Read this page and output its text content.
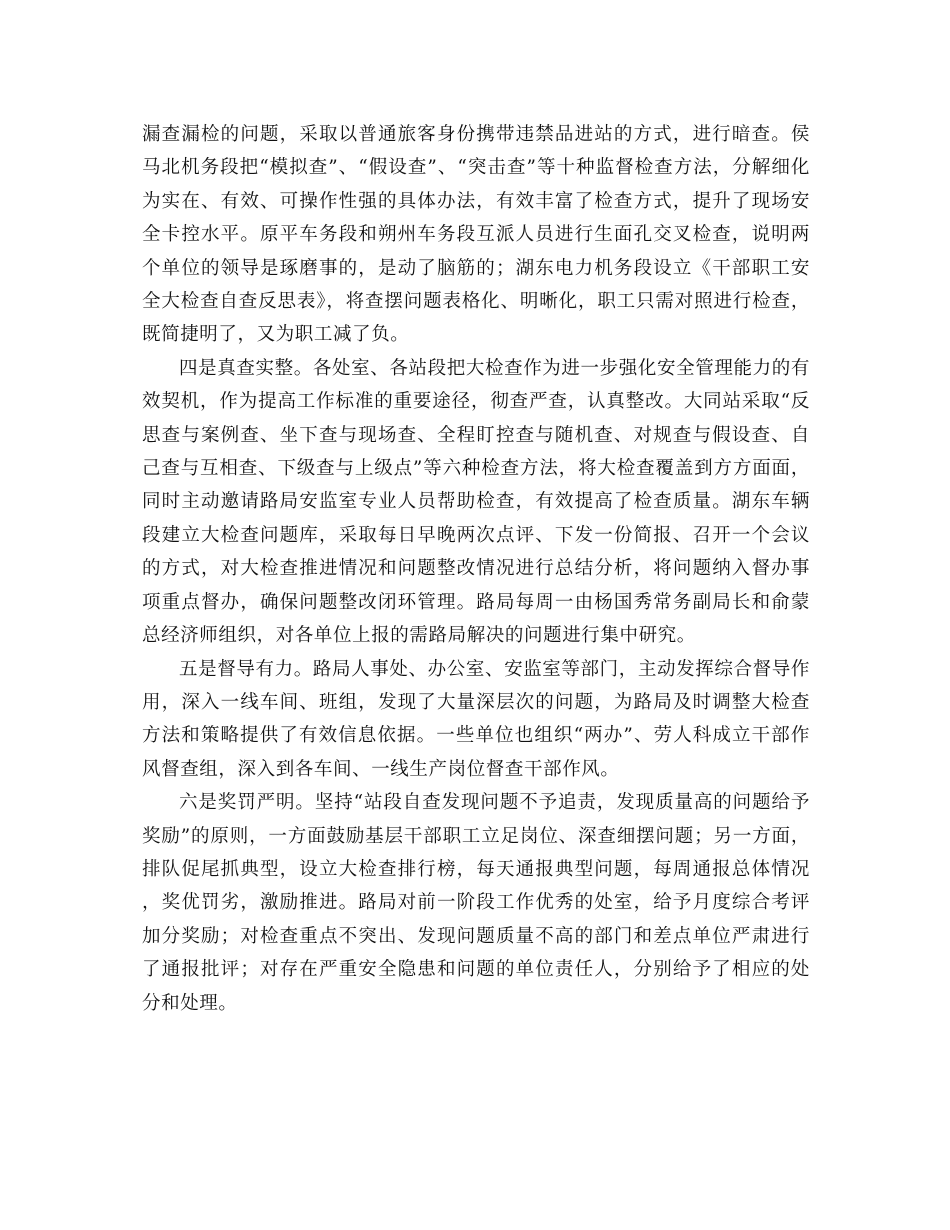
漏查漏检的问题，采取以普通旅客身份携带违禁品进站的方式，进行暗查。侯马北机务段把“模拟查”、“假设查”、“突击查”等十种监督检查方法，分解细化为实在、有效、可操作性强的具体办法，有效丰富了检查方式，提升了现场安全卡控水平。原平车务段和朔州车务段互派人员进行生面孔交叉检查，说明两个单位的领导是琢磨事的，是动了脑筋的；湖东电力机务段设立《干部职工安全大检查自查反思表》，将查摆问题表格化、明晰化，职工只需对照进行检查，既简捷明了，又为职工减了负。

四是真查实整。各处室、各站段把大检查作为进一步强化安全管理能力的有效契机，作为提高工作标准的重要途径，彻查严查，认真整改。大同站采取“反思查与案例查、坐下查与现场查、全程盯控查与随机查、对规查与假设查、自己查与互相查、下级查与上级点”等六种检查方法，将大检查覆盖到方方面面，同时主动邀请路局安监室专业人员帮助检查，有效提高了检查质量。湖东车辆段建立大检查问题库，采取每日早晚两次点评、下发一份简报、召开一个会议的方式，对大检查推进情况和问题整改情况进行总结分析，将问题纳入督办事项重点督办，确保问题整改闭环管理。路局每周一由杨国秀常务副局长和俞蒙总经济师组织，对各单位上报的需路局解决的问题进行集中研究。

五是督导有力。路局人事处、办公室、安监室等部门，主动发挥综合督导作用，深入一线车间、班组，发现了大量深层次的问题，为路局及时调整大检查方法和策略提供了有效信息依据。一些单位也组织“两办”、劳人科成立干部作风督查组，深入到各车间、一线生产岗位督查干部作风。

六是奖罚严明。坚持“站段自查发现问题不予追责，发现质量高的问题给予奖励”的原则，一方面鼓励基层干部职工立足岗位、深查细摆问题；另一方面，排队促尾抓典型，设立大检查排行榜，每天通报典型问题，每周通报总体情况，奖优罚劣，激励推进。路局对前一阶段工作优秀的处室，给予月度综合考评加分奖励；对检查重点不突出、发现问题质量不高的部门和差点单位严肃进行了通报批评；对存在严重安全隐患和问题的单位责任人，分别给予了相应的处分和处理。
